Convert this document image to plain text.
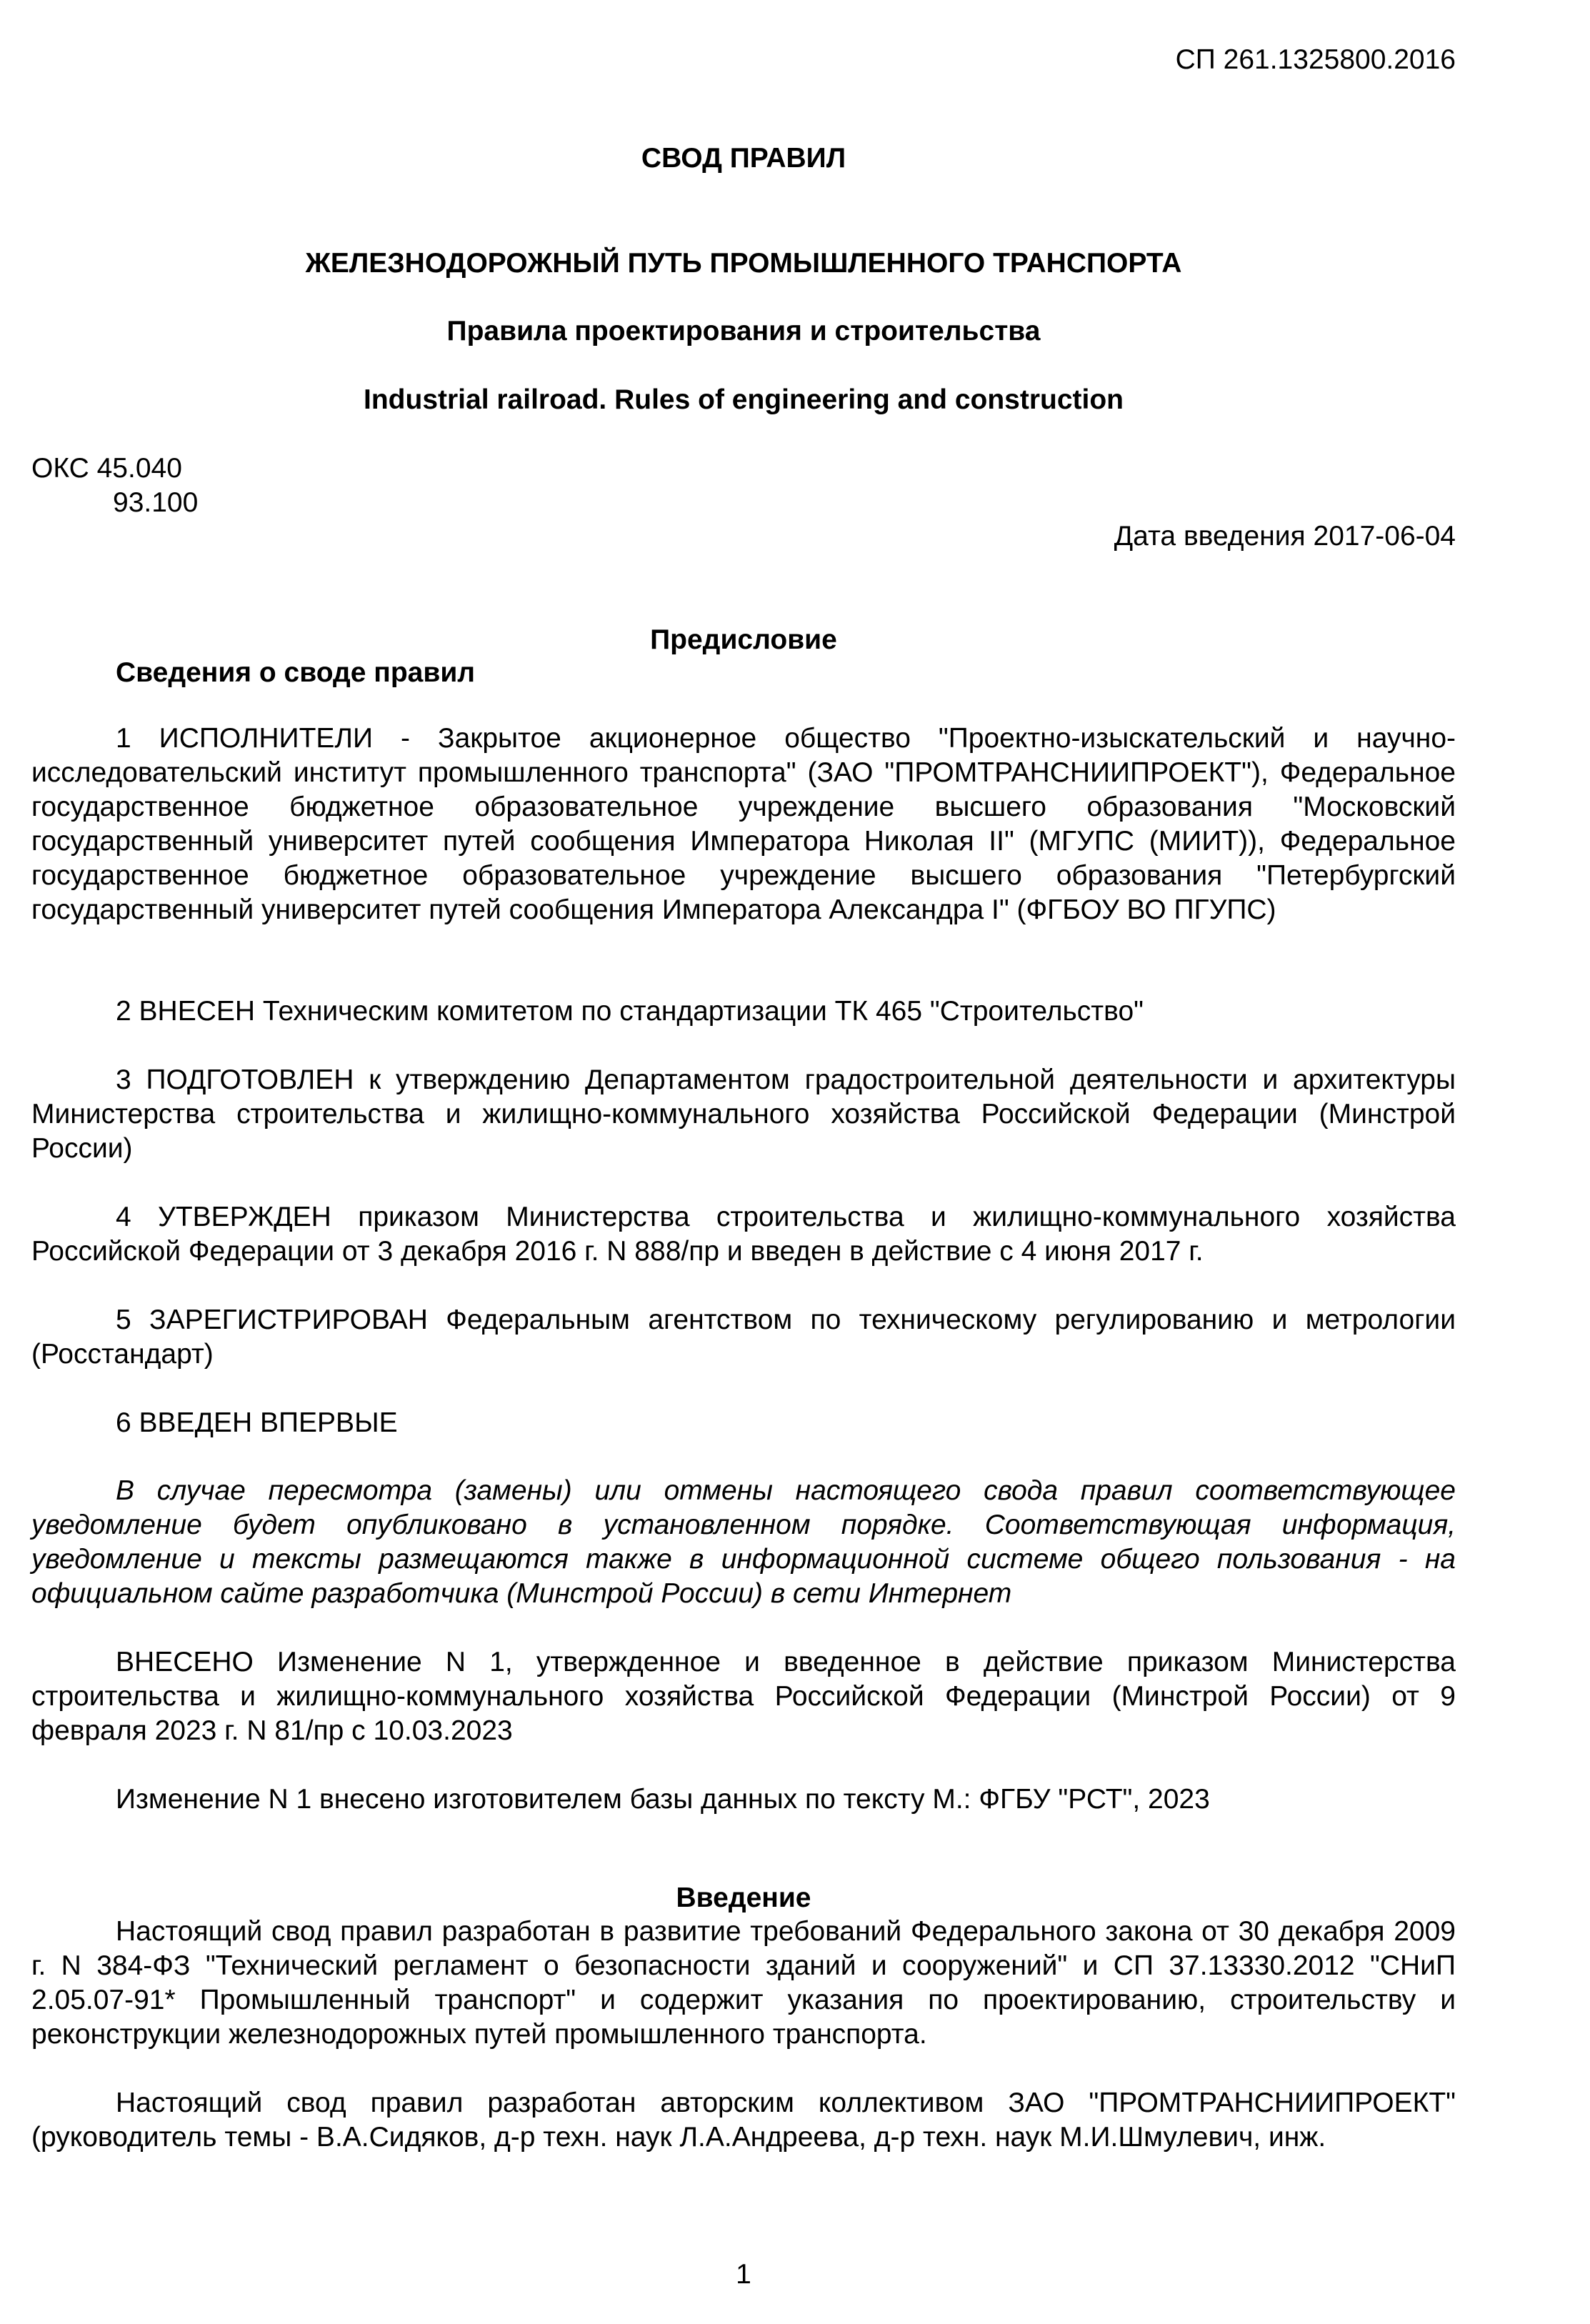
СП 261.1325800.2016
СВОД ПРАВИЛ
ЖЕЛЕЗНОДОРОЖНЫЙ ПУТЬ ПРОМЫШЛЕННОГО ТРАНСПОРТА
Правила проектирования и строительства
Industrial railroad. Rules of engineering and construction
ОКС 45.040
93.100
Дата введения 2017-06-04
Предисловие
Сведения о своде правил

1 ИСПОЛНИТЕЛИ - Закрытое акционерное общество "Проектно-изыскательский и научно-исследовательский институт промышленного транспорта" (ЗАО "ПРОМТРАНСНИИПРОЕКТ"), Федеральное государственное бюджетное образовательное учреждение высшего образования "Московский государственный университет путей сообщения Императора Николая II" (МГУПС (МИИТ)), Федеральное государственное бюджетное образовательное учреждение высшего образования "Петербургский государственный университет путей сообщения Императора Александра I" (ФГБОУ ВО ПГУПС)

2 ВНЕСЕН Техническим комитетом по стандартизации ТК 465 "Строительство"

3 ПОДГОТОВЛЕН к утверждению Департаментом градостроительной деятельности и архитектуры Министерства строительства и жилищно-коммунального хозяйства Российской Федерации (Минстрой России)

4 УТВЕРЖДЕН приказом Министерства строительства и жилищно-коммунального хозяйства Российской Федерации от 3 декабря 2016 г. N 888/пр и введен в действие с 4 июня 2017 г.

5 ЗАРЕГИСТРИРОВАН Федеральным агентством по техническому регулированию и метрологии (Росстандарт)

6 ВВЕДЕН ВПЕРВЫЕ

В случае пересмотра (замены) или отмены настоящего свода правил соответствующее уведомление будет опубликовано в установленном порядке. Соответствующая информация, уведомление и тексты размещаются также в информационной системе общего пользования - на официальном сайте разработчика (Минстрой России) в сети Интернет

ВНЕСЕНО Изменение N 1, утвержденное и введенное в действие приказом Министерства строительства и жилищно-коммунального хозяйства Российской Федерации (Минстрой России) от 9 февраля 2023 г. N 81/пр с 10.03.2023

Изменение N 1 внесено изготовителем базы данных по тексту М.: ФГБУ "РСТ", 2023

Введение

Настоящий свод правил разработан в развитие требований Федерального закона от 30 декабря 2009 г. N 384-ФЗ "Технический регламент о безопасности зданий и сооружений" и СП 37.13330.2012 "СНиП 2.05.07-91* Промышленный транспорт" и содержит указания по проектированию, строительству и реконструкции железнодорожных путей промышленного транспорта.

Настоящий свод правил разработан авторским коллективом ЗАО "ПРОМТРАНСНИИПРОЕКТ" (руководитель темы - В.А.Сидяков, д-р техн. наук Л.А.Андреева, д-р техн. наук М.И.Шмулевич, инж.

1
